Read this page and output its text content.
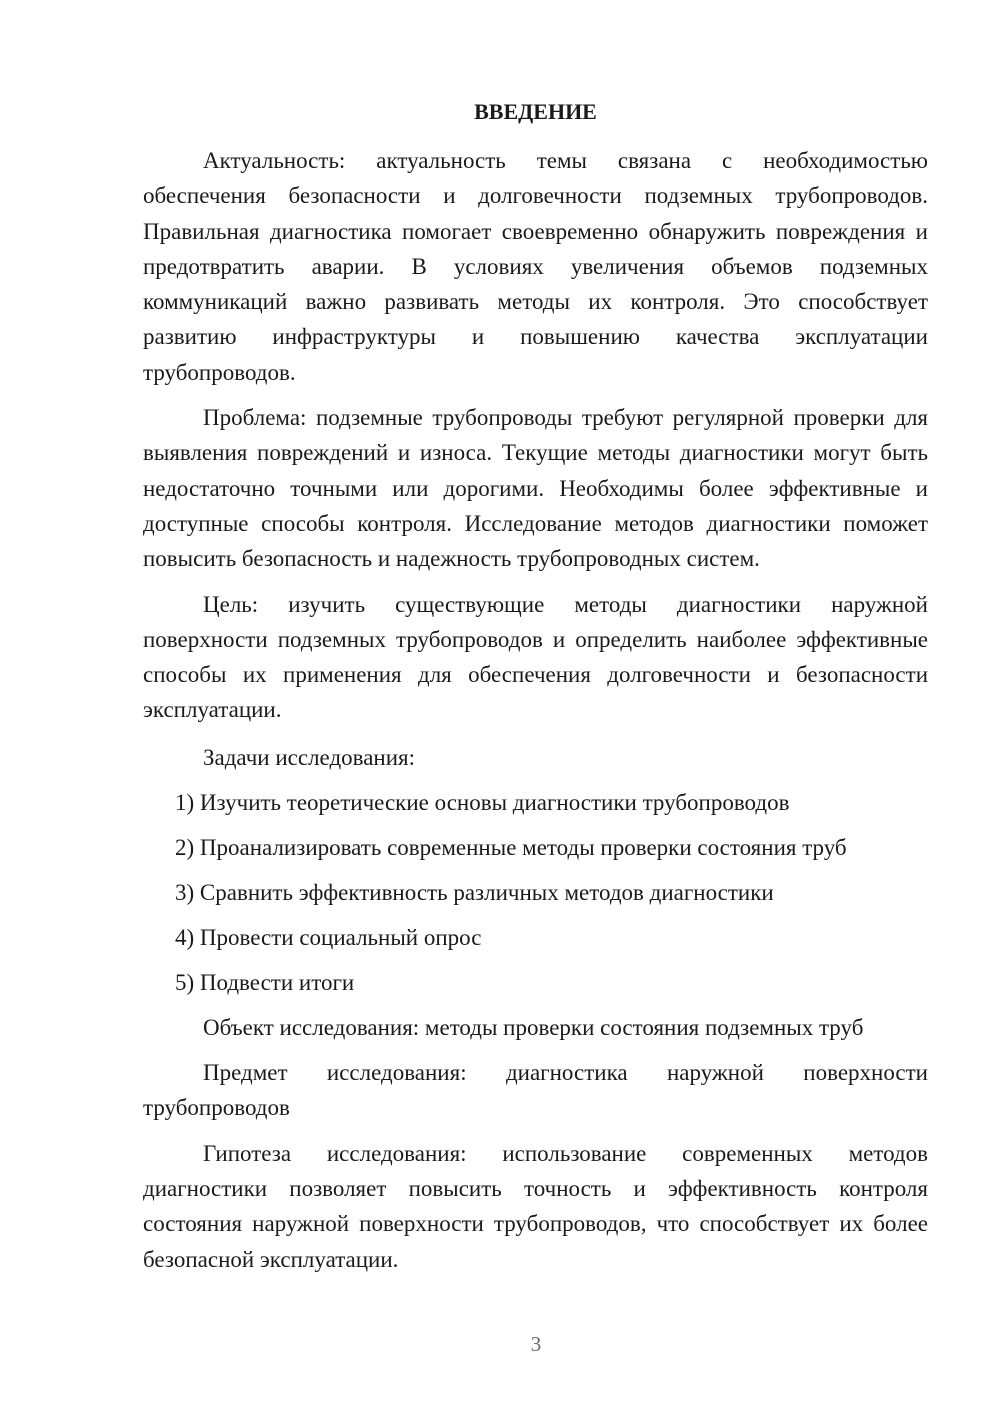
ВВЕДЕНИЕ

Актуальность: актуальность темы связана с необходимостью обеспечения безопасности и долговечности подземных трубопроводов. Правильная диагностика помогает своевременно обнаружить повреждения и предотвратить аварии. В условиях увеличения объемов подземных коммуникаций важно развивать методы их контроля. Это способствует развитию инфраструктуры и повышению качества эксплуатации трубопроводов.

Проблема: подземные трубопроводы требуют регулярной проверки для выявления повреждений и износа. Текущие методы диагностики могут быть недостаточно точными или дорогими. Необходимы более эффективные и доступные способы контроля. Исследование методов диагностики поможет повысить безопасность и надежность трубопроводных систем.

Цель: изучить существующие методы диагностики наружной поверхности подземных трубопроводов и определить наиболее эффективные способы их применения для обеспечения долговечности и безопасности эксплуатации.

Задачи исследования:

1) Изучить теоретические основы диагностики трубопроводов
2) Проанализировать современные методы проверки состояния труб
3) Сравнить эффективность различных методов диагностики
4) Провести социальный опрос
5) Подвести итоги

Объект исследования: методы проверки состояния подземных труб

Предмет исследования: диагностика наружной поверхности трубопроводов

Гипотеза исследования: использование современных методов диагностики позволяет повысить точность и эффективность контроля состояния наружной поверхности трубопроводов, что способствует их более безопасной эксплуатации.

3
